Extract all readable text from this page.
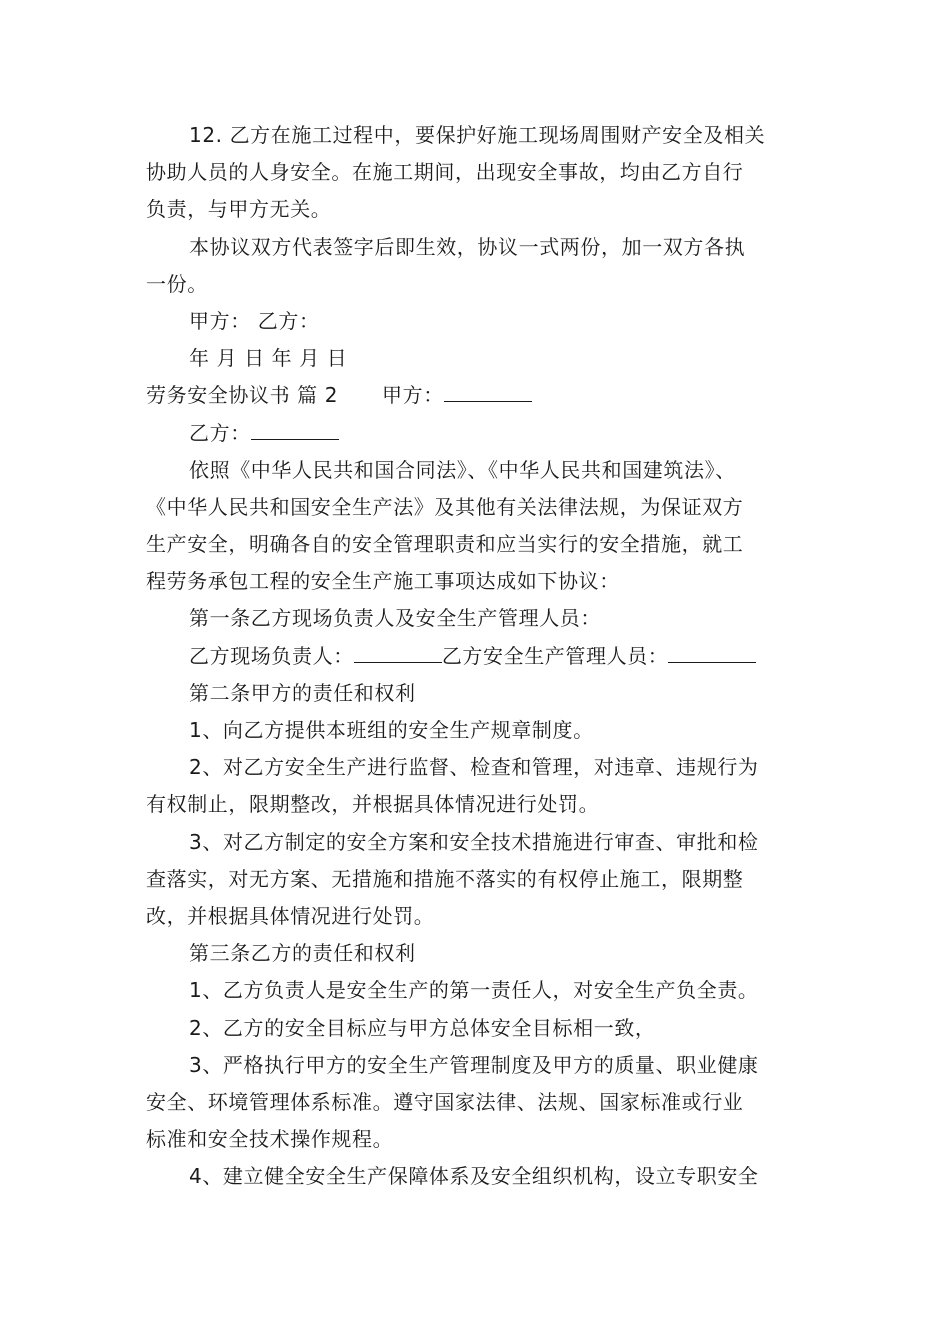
12. 乙方在施工过程中，要保护好施工现场周围财产安全及相关
协助人员的人身安全。在施工期间，出现安全事故，均由乙方自行
负责，与甲方无关。
本协议双方代表签字后即生效，协议一式两份，加一双方各执
一份。
甲方： 乙方：
年 月 日 年 月 日
劳务安全协议书 篇 2 甲方：
乙方：
依照《中华人民共和国合同法》、《中华人民共和国建筑法》、
《中华人民共和国安全生产法》及其他有关法律法规，为保证双方
生产安全，明确各自的安全管理职责和应当实行的安全措施，就工
程劳务承包工程的安全生产施工事项达成如下协议：
第一条乙方现场负责人及安全生产管理人员：
乙方现场负责人：	乙方安全生产管理人员：
第二条甲方的责任和权利
1、向乙方提供本班组的安全生产规章制度。
2、对乙方安全生产进行监督、检查和管理，对违章、违规行为
有权制止，限期整改，并根据具体情况进行处罚。
3、对乙方制定的安全方案和安全技术措施进行审查、审批和检
查落实，对无方案、无措施和措施不落实的有权停止施工，限期整
改，并根据具体情况进行处罚。
第三条乙方的责任和权利
1、乙方负责人是安全生产的第一责任人，对安全生产负全责。
2、乙方的安全目标应与甲方总体安全目标相一致，
3、严格执行甲方的安全生产管理制度及甲方的质量、职业健康
安全、环境管理体系标准。遵守国家法律、法规、国家标准或行业
标准和安全技术操作规程。
4、建立健全安全生产保障体系及安全组织机构，设立专职安全
